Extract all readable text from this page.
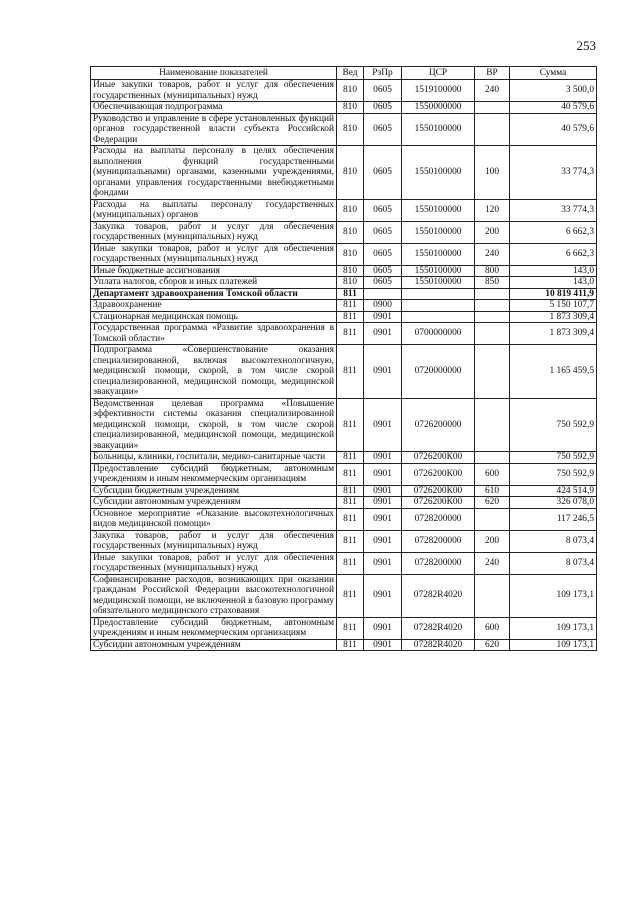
253
Наименование показателей	Вед	РзПр	ЦСР	ВР	Сумма
Иные закупки товаров, работ и услуг для обеспечения государственных (муниципальных) нужд	810	0605	1519100000	240	3 500,0
Обеспечивающая подпрограмма	810	0605	1550000000		40 579,6
Руководство и управление в сфере установленных функций органов государственной власти субъекта Российской Федерации	810	0605	1550100000		40 579,6
Расходы на выплаты персоналу в целях обеспечения выполнения функций государственными (муниципальными) органами, казенными учреждениями, органами управления государственными внебюджетными фондами	810	0605	1550100000	100	33 774,3
Расходы на выплаты персоналу государственных (муниципальных) органов	810	0605	1550100000	120	33 774,3
Закупка товаров, работ и услуг для обеспечения государственных (муниципальных) нужд	810	0605	1550100000	200	6 662,3
Иные закупки товаров, работ и услуг для обеспечения государственных (муниципальных) нужд	810	0605	1550100000	240	6 662,3
Иные бюджетные ассигнования	810	0605	1550100000	800	143,0
Уплата налогов, сборов и иных платежей	810	0605	1550100000	850	143,0
Департамент здравоохранения Томской области	811				10 819 411,9
Здравоохранение	811	0900			5 150 107,7
Стационарная медицинская помощь	811	0901			1 873 309,4
Государственная программа «Развитие здравоохранения в Томской области»	811	0901	0700000000		1 873 309,4
Подпрограмма «Совершенствование оказания специализированной, включая высокотехнологичную, медицинской помощи, скорой, в том числе скорой специализированной, медицинской помощи, медицинской эвакуации»	811	0901	0720000000		1 165 459,5
Ведомственная целевая программа «Повышение эффективности системы оказания специализированной медицинской помощи, скорой, в том числе скорой специализированной, медицинской помощи, медицинской эвакуации»	811	0901	0726200000		750 592,9
Больницы, клиники, госпитали, медико-санитарные части	811	0901	0726200К00		750 592,9
Предоставление субсидий бюджетным, автономным учреждениям и иным некоммерческим организациям	811	0901	0726200К00	600	750 592,9
Субсидии бюджетным учреждениям	811	0901	0726200К00	610	424 514,9
Субсидии автономным учреждениям	811	0901	0726200К00	620	326 078,0
Основное мероприятие «Оказание высокотехнологичных видов медицинской помощи»	811	0901	0728200000		117 246,5
Закупка товаров, работ и услуг для обеспечения государственных (муниципальных) нужд	811	0901	0728200000	200	8 073,4
Иные закупки товаров, работ и услуг для обеспечения государственных (муниципальных) нужд	811	0901	0728200000	240	8 073,4
Софинансирование расходов, возникающих при оказании гражданам Российской Федерации высокотехнологичной медицинской помощи, не включенной в базовую программу обязательного медицинского страхования	811	0901	07282R4020		109 173,1
Предоставление субсидий бюджетным, автономным учреждениям и иным некоммерческим организациям	811	0901	07282R4020	600	109 173,1
Субсидии автономным учреждениям	811	0901	07282R4020	620	109 173,1
